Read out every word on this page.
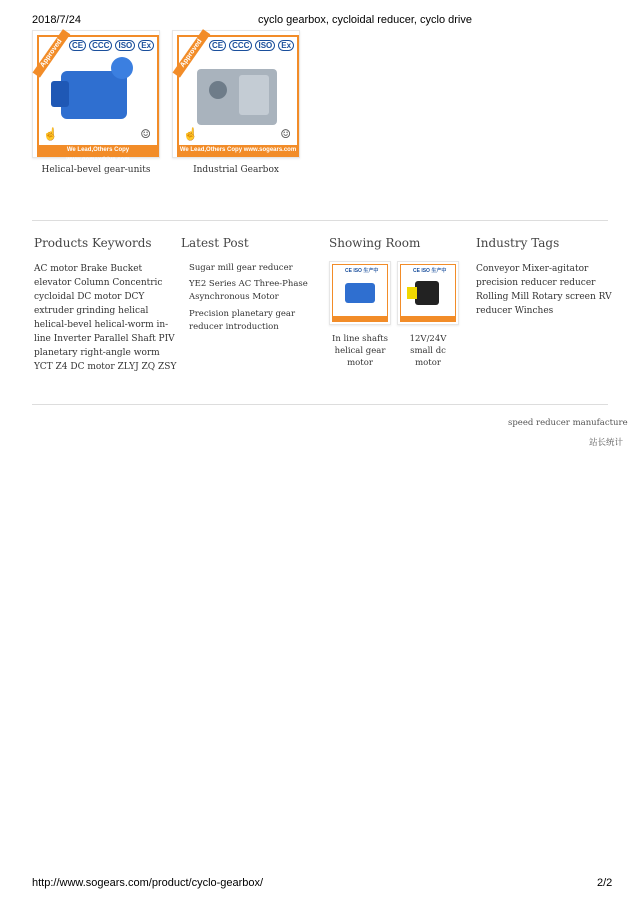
2018/7/24	cyclo gearbox, cycloidal reducer, cyclo drive
Approved	CE CCC ISO Ex
☝	☺
We Lead,Others Copy www.gomaxdrive.com
Helical-bevel gear-units
Approved	CE CCC ISO Ex
☝	☺
We Lead,Others Copy www.sogears.com
Industrial Gearbox
Products Keywords
AC motor Brake Bucket
elevator Column Concentric
cycloidal DC motor DCY
extruder grinding helical
helical-bevel helical-worm in-
line Inverter Parallel Shaft PIV
planetary right-angle worm
YCT Z4 DC motor ZLYJ ZQ ZSY
Latest Post
Sugar mill gear reducer
YE2 Series AC Three-Phase Asynchronous Motor
Precision planetary gear reducer introduction
Showing Room
CE ISO 生产中
In line shafts helical gear motor
CE ISO 生产中
12V/24V small dc motor
Industry Tags
Conveyor Mixer-agitator
precision reducer reducer
Rolling Mill Rotary screen RV
reducer Winches
speed reducer manufacture
站长统计
http://www.sogears.com/product/cyclo-gearbox/	2/2
